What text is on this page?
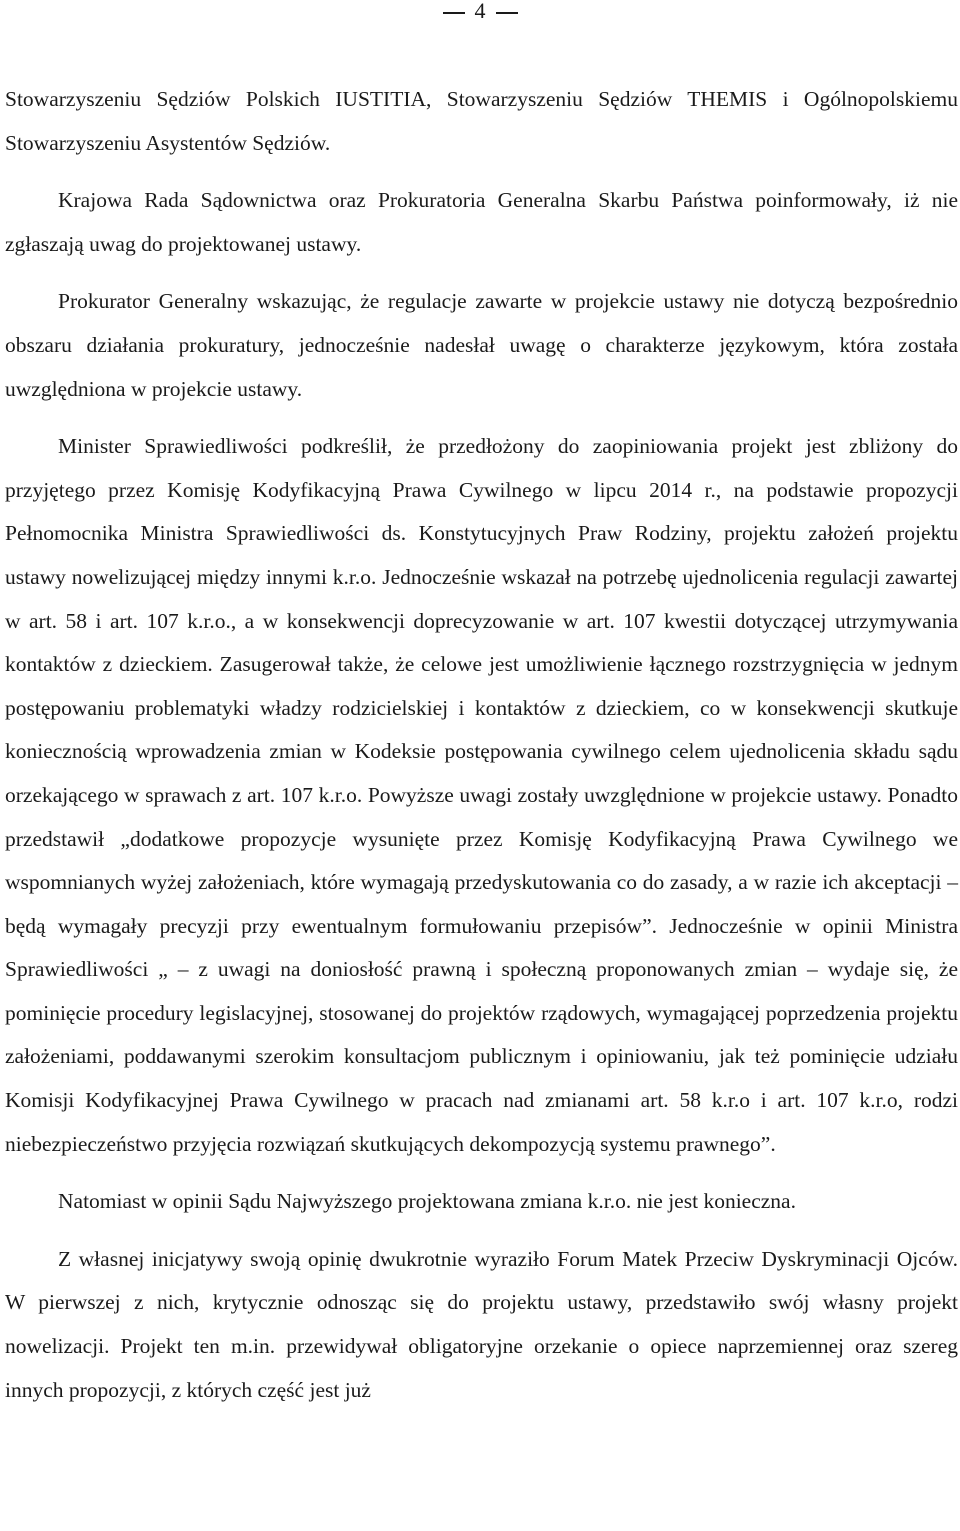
4

Stowarzyszeniu Sędziów Polskich IUSTITIA, Stowarzyszeniu Sędziów THEMIS i Ogólnopolskiemu Stowarzyszeniu Asystentów Sędziów.

Krajowa Rada Sądownictwa oraz Prokuratoria Generalna Skarbu Państwa poinformowały, iż nie zgłaszają uwag do projektowanej ustawy.

Prokurator Generalny wskazując, że regulacje zawarte w projekcie ustawy nie dotyczą bezpośrednio obszaru działania prokuratury, jednocześnie nadesłał uwagę o charakterze językowym, która została uwzględniona w projekcie ustawy.

Minister Sprawiedliwości podkreślił, że przedłożony do zaopiniowania projekt jest zbliżony do przyjętego przez Komisję Kodyfikacyjną Prawa Cywilnego w lipcu 2014 r., na podstawie propozycji Pełnomocnika Ministra Sprawiedliwości ds. Konstytucyjnych Praw Rodziny, projektu założeń projektu ustawy nowelizującej między innymi k.r.o. Jednocześnie wskazał na potrzebę ujednolicenia regulacji zawartej w art. 58 i art. 107 k.r.o., a w konsekwencji doprecyzowanie w art. 107 kwestii dotyczącej utrzymywania kontaktów z dzieckiem. Zasugerował także, że celowe jest umożliwienie łącznego rozstrzygnięcia w jednym postępowaniu problematyki władzy rodzicielskiej i kontaktów z dzieckiem, co w konsekwencji skutkuje koniecznością wprowadzenia zmian w Kodeksie postępowania cywilnego celem ujednolicenia składu sądu orzekającego w sprawach z art. 107 k.r.o. Powyższe uwagi zostały uwzględnione w projekcie ustawy. Ponadto przedstawił „dodatkowe propozycje wysunięte przez Komisję Kodyfikacyjną Prawa Cywilnego we wspomnianych wyżej założeniach, które wymagają przedyskutowania co do zasady, a w razie ich akceptacji – będą wymagały precyzji przy ewentualnym formułowaniu przepisów”. Jednocześnie w opinii Ministra Sprawiedliwości „ – z uwagi na doniosłość prawną i społeczną proponowanych zmian – wydaje się, że pominięcie procedury legislacyjnej, stosowanej do projektów rządowych, wymagającej poprzedzenia projektu założeniami, poddawanymi szerokim konsultacjom publicznym i opiniowaniu, jak też pominięcie udziału Komisji Kodyfikacyjnej Prawa Cywilnego w pracach nad zmianami art. 58 k.r.o i art. 107 k.r.o, rodzi niebezpieczeństwo przyjęcia rozwiązań skutkujących dekompozycją systemu prawnego”.

Natomiast w opinii Sądu Najwyższego projektowana zmiana k.r.o. nie jest konieczna.

Z własnej inicjatywy swoją opinię dwukrotnie wyraziło Forum Matek Przeciw Dyskryminacji Ojców. W pierwszej z nich, krytycznie odnosząc się do projektu ustawy, przedstawiło swój własny projekt nowelizacji. Projekt ten m.in. przewidywał obligatoryjne orzekanie o opiece naprzemiennej oraz szereg innych propozycji, z których część jest już
